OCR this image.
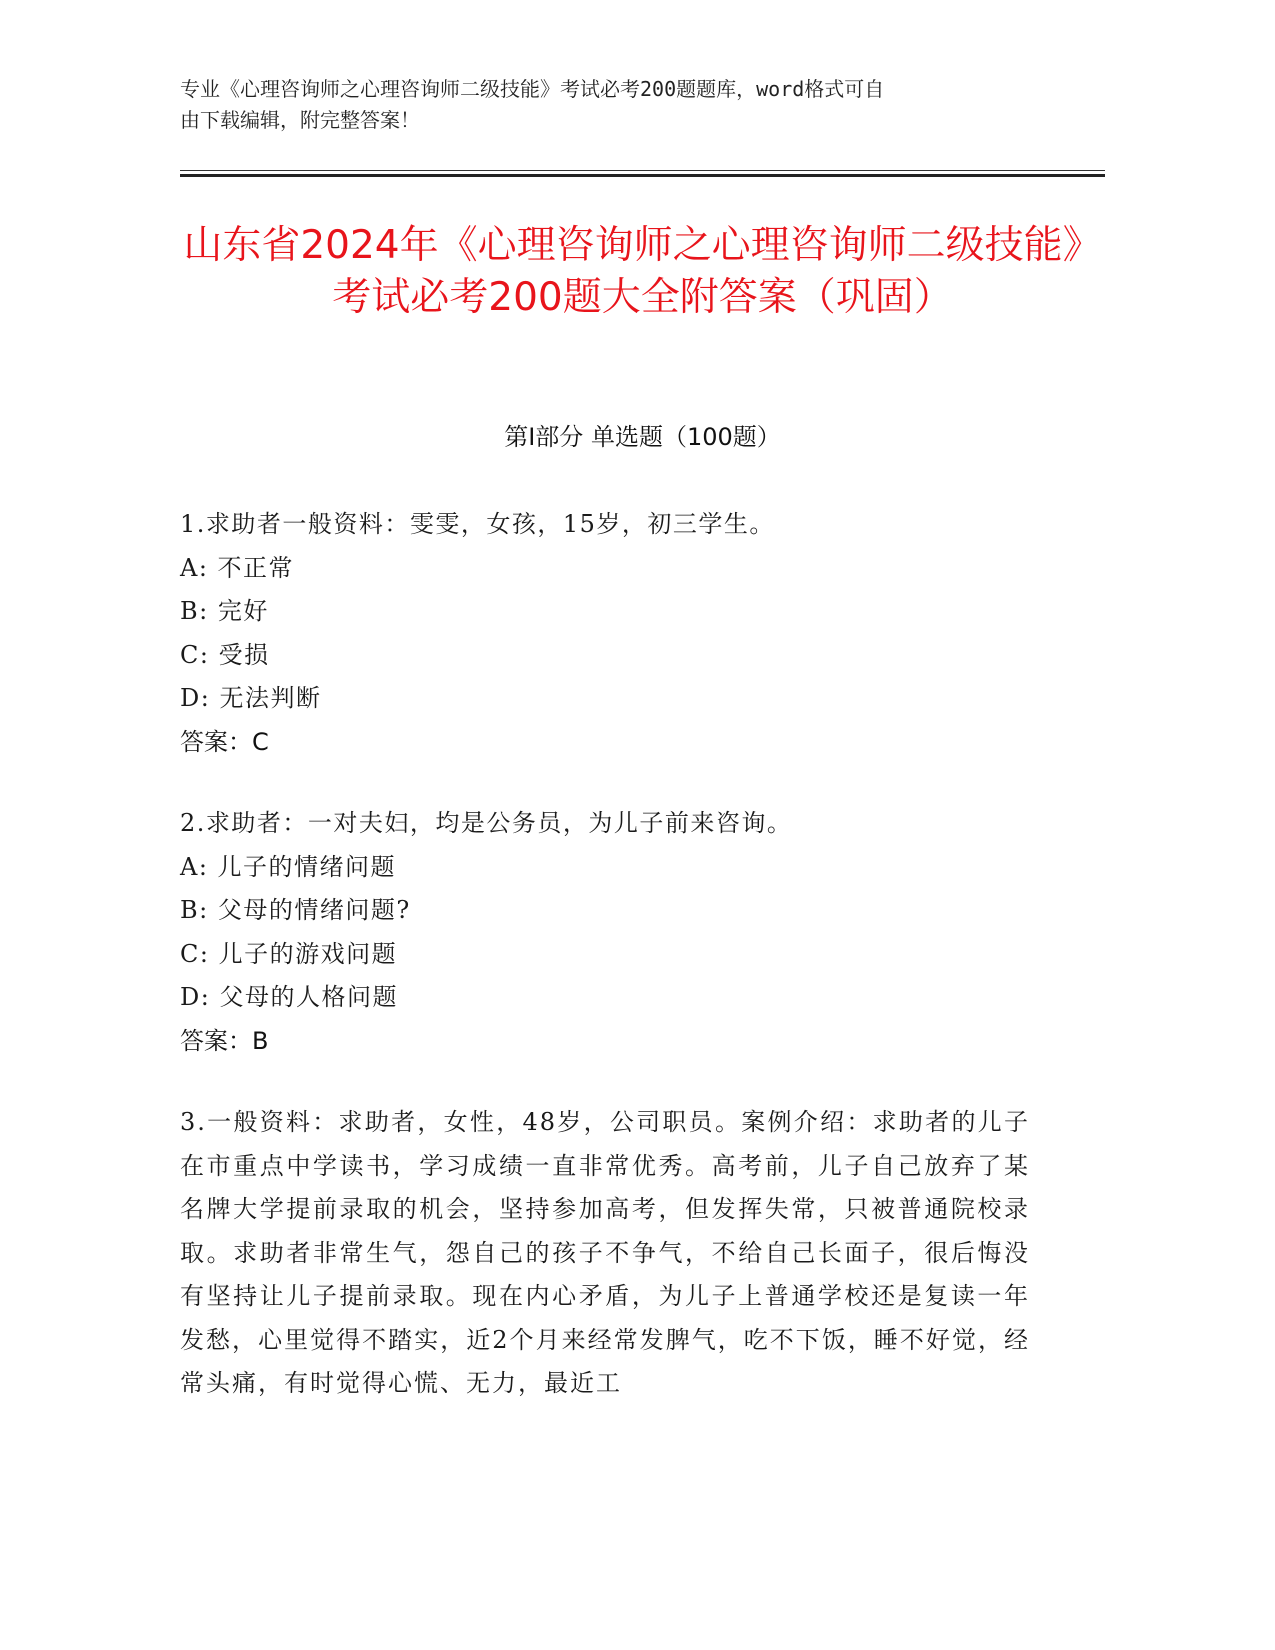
专业《心理咨询师之心理咨询师二级技能》考试必考200题题库，word格式可自
由下载编辑，附完整答案！
山东省2024年《心理咨询师之心理咨询师二级技能》考试必考200题大全附答案（巩固）
第Ⅰ部分 单选题（100题）

1.求助者一般资料：雯雯，女孩，15岁，初三学生。

A: 不正常

B: 完好

C: 受损

D: 无法判断

答案：C

2.求助者：一对夫妇，均是公务员，为儿子前来咨询。

A: 儿子的情绪问题

B: 父母的情绪问题?

C: 儿子的游戏问题

D: 父母的人格问题

答案：B

3.一般资料：求助者，女性，48岁，公司职员。案例介绍：求助者的儿子在市重点中学读书，学习成绩一直非常优秀。高考前，儿子自己放弃了某名牌大学提前录取的机会，坚持参加高考，但发挥失常，只被普通院校录取。求助者非常生气，怨自己的孩子不争气，不给自己长面子，很后悔没有坚持让儿子提前录取。现在内心矛盾，为儿子上普通学校还是复读一年发愁，心里觉得不踏实，近2个月来经常发脾气，吃不下饭，睡不好觉，经常头痛，有时觉得心慌、无力，最近工
